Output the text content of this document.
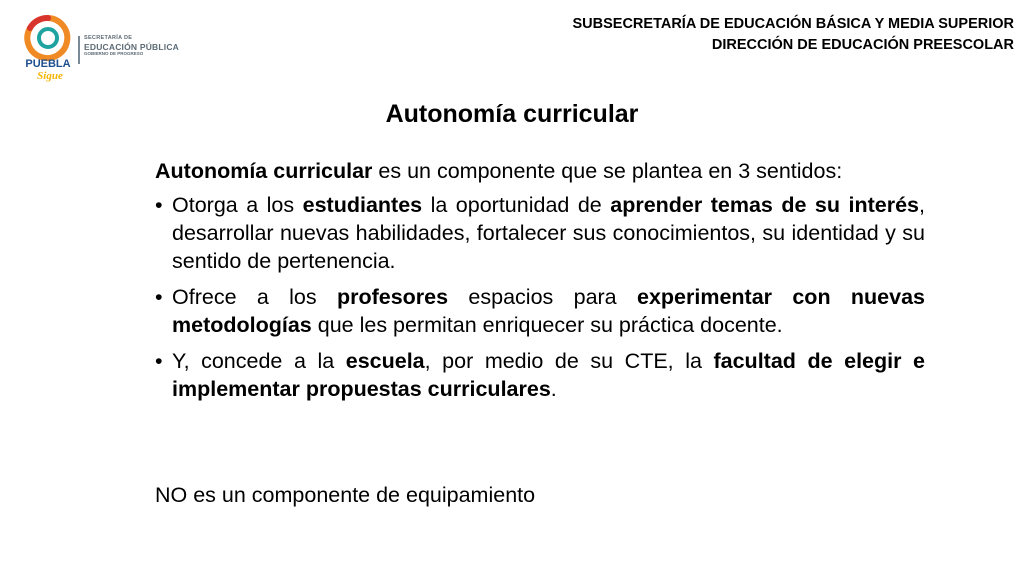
PUEBLA
Sigue
SECRETARÍA DE
EDUCACIÓN PÚBLICA
GOBIERNO DE PROGRESO
SUBSECRETARÍA DE EDUCACIÓN BÁSICA Y MEDIA SUPERIOR
DIRECCIÓN DE EDUCACIÓN PREESCOLAR
Autonomía curricular

Autonomía curricular es un componente que se plantea en 3 sentidos:

• Otorga a los estudiantes la oportunidad de aprender temas de su interés, desarrollar nuevas habilidades, fortalecer sus conocimientos, su identidad y su sentido de pertenencia.
• Ofrece a los profesores espacios para experimentar con nuevas metodologías que les permitan enriquecer su práctica docente.
• Y, concede a la escuela, por medio de su CTE, la facultad de elegir e implementar propuestas curriculares.
NO es un componente de equipamiento
